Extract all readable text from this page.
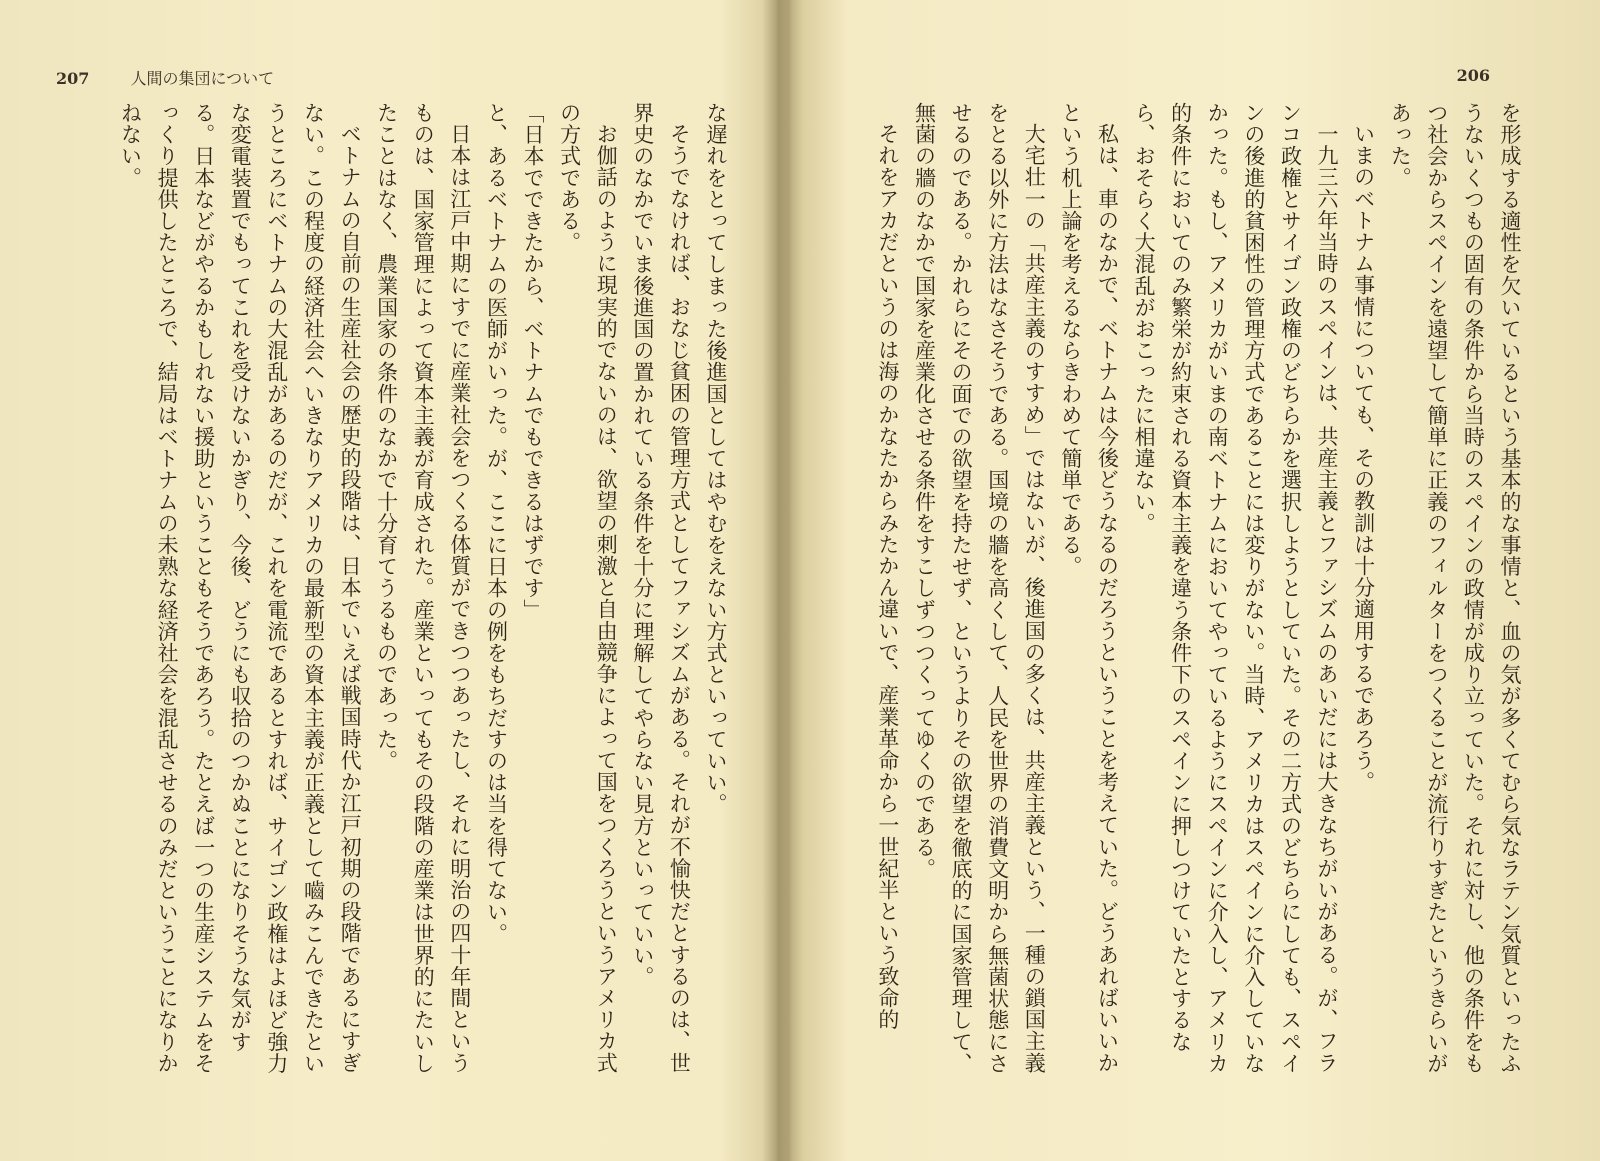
207	人間の集団について

な遅れをとってしまった後進国としてはやむをえない方式といっていい。

そうでなければ、おなじ貧困の管理方式としてファシズムがある。それが不愉快だとするのは、世界史のなかでいま後進国の置かれている条件を十分に理解してやらない見方といっていい。

お伽話のように現実的でないのは、欲望の刺激と自由競争によって国をつくろうというアメリカ式の方式である。

「日本でできたから、ベトナムでもできるはずです」

と、あるベトナムの医師がいった。が、ここに日本の例をもちだすのは当を得てない。

日本は江戸中期にすでに産業社会をつくる体質ができつつあったし、それに明治の四十年間というものは、国家管理によって資本主義が育成された。産業といってもその段階の産業は世界的にたいしたことはなく、農業国家の条件のなかで十分育てうるものであった。

ベトナムの自前の生産社会の歴史的段階は、日本でいえば戦国時代か江戸初期の段階であるにすぎない。この程度の経済社会へいきなりアメリカの最新型の資本主義が正義として嚙みこんできたというところにベトナムの大混乱があるのだが、これを電流であるとすれば、サイゴン政権はよほど強力な変電装置でもってこれを受けないかぎり、今後、どうにも収拾のつかぬことになりそうな気がする。日本などがやるかもしれない援助ということもそうであろう。たとえば一つの生産システムをそっくり提供したところで、結局はベトナムの未熟な経済社会を混乱させるのみだということになりかねない。

206

を形成する適性を欠いているという基本的な事情と、血の気が多くてむら気なラテン気質といったふうないくつもの固有の条件から当時のスペインの政情が成り立っていた。それに対し、他の条件をもつ社会からスペインを遠望して簡単に正義のフィルターをつくることが流行りすぎたというきらいがあった。

いまのベトナム事情についても、その教訓は十分適用するであろう。

一九三六年当時のスペインは、共産主義とファシズムのあいだには大きなちがいがある。が、フランコ政権とサイゴン政権のどちらかを選択しようとしていた。その二方式のどちらにしても、スペインの後進的貧困性の管理方式であることには変りがない。当時、アメリカはスペインに介入していなかった。もし、アメリカがいまの南ベトナムにおいてやっているようにスペインに介入し、アメリカ的条件においてのみ繁栄が約束される資本主義を違う条件下のスペインに押しつけていたとするなら、おそらく大混乱がおこったに相違ない。

私は、車のなかで、ベトナムは今後どうなるのだろうということを考えていた。どうあればいいかという机上論を考えるならきわめて簡単である。

大宅壮一の「共産主義のすすめ」ではないが、後進国の多くは、共産主義という、一種の鎖国主義をとる以外に方法はなさそうである。国境の牆を高くして、人民を世界の消費文明から無菌状態にさせるのである。かれらにその面での欲望を持たせず、というよりその欲望を徹底的に国家管理して、無菌の牆のなかで国家を産業化させる条件をすこしずつつくってゆくのである。

それをアカだというのは海のかなたからみたかん違いで、産業革命から一世紀半という致命的
